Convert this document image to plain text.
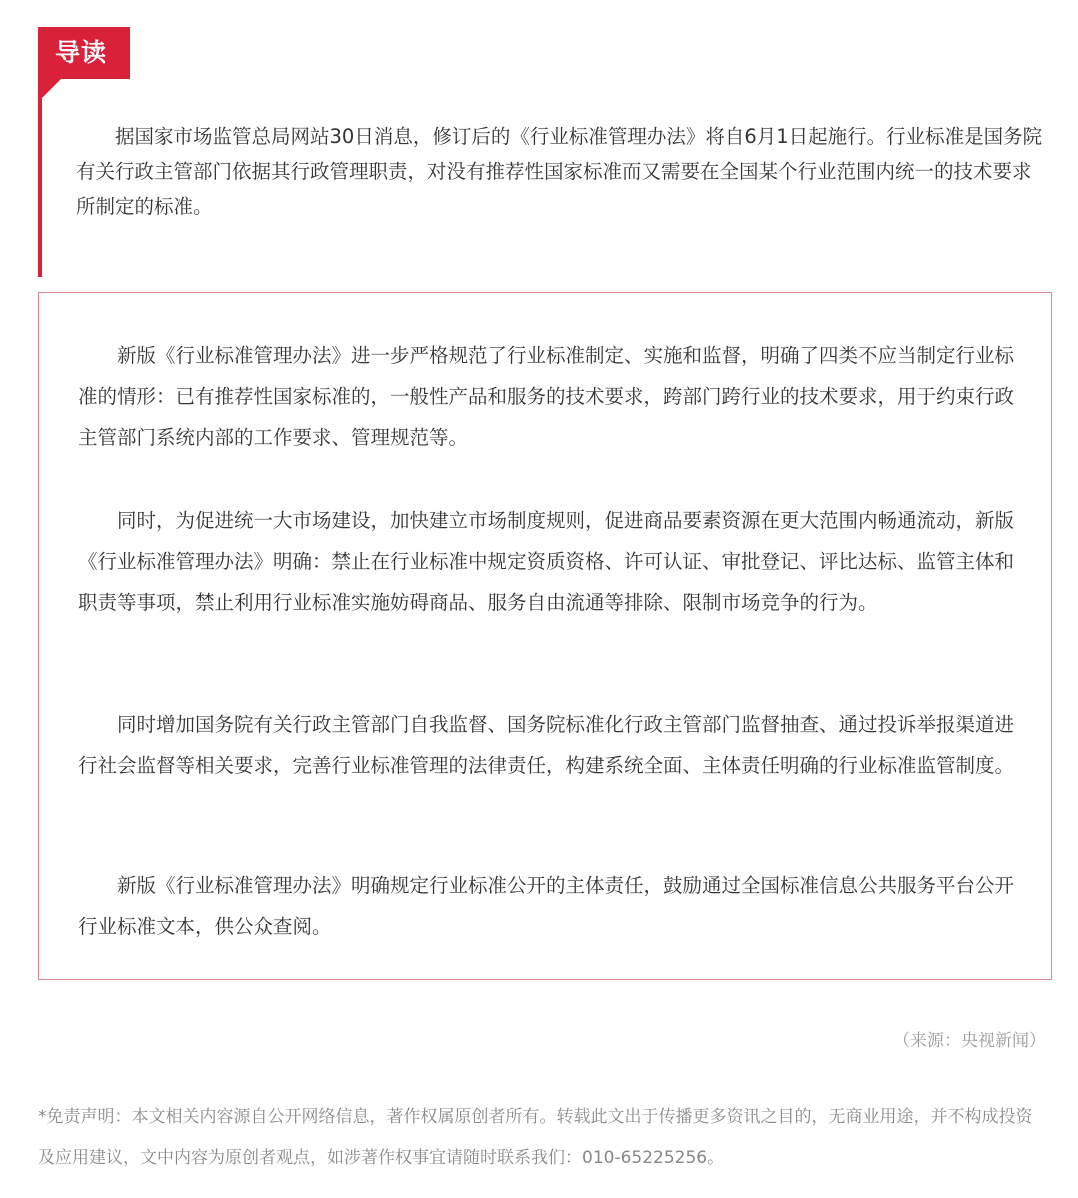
导读

据国家市场监管总局网站30日消息，修订后的《行业标准管理办法》将自6月1日起施行。行业标准是国务院有关行政主管部门依据其行政管理职责，对没有推荐性国家标准而又需要在全国某个行业范围内统一的技术要求所制定的标准。

新版《行业标准管理办法》进一步严格规范了行业标准制定、实施和监督，明确了四类不应当制定行业标准的情形：已有推荐性国家标准的，一般性产品和服务的技术要求，跨部门跨行业的技术要求，用于约束行政主管部门系统内部的工作要求、管理规范等。

同时，为促进统一大市场建设，加快建立市场制度规则，促进商品要素资源在更大范围内畅通流动，新版《行业标准管理办法》明确：禁止在行业标准中规定资质资格、许可认证、审批登记、评比达标、监管主体和职责等事项，禁止利用行业标准实施妨碍商品、服务自由流通等排除、限制市场竞争的行为。

同时增加国务院有关行政主管部门自我监督、国务院标准化行政主管部门监督抽查、通过投诉举报渠道进行社会监督等相关要求，完善行业标准管理的法律责任，构建系统全面、主体责任明确的行业标准监管制度。

新版《行业标准管理办法》明确规定行业标准公开的主体责任，鼓励通过全国标准信息公共服务平台公开行业标准文本，供公众查阅。

（来源：央视新闻）

*免责声明：本文相关内容源自公开网络信息，著作权属原创者所有。转载此文出于传播更多资讯之目的，无商业用途，并不构成投资及应用建议，文中内容为原创者观点，如涉著作权事宜请随时联系我们：010-65225256。
